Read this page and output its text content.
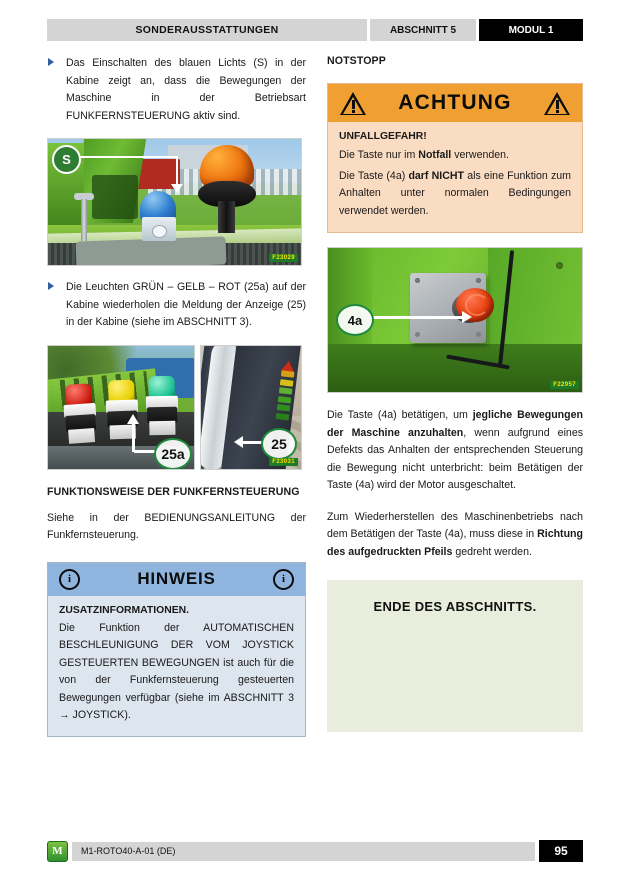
SONDERAUSSTATTUNGEN	ABSCHNITT 5	MODUL 1
Das Einschalten des blauen Lichts (S) in der Kabine zeigt an, dass die Bewegungen der Maschine in der Betriebsart FUNKFERNSTEUERUNG aktiv sind.
S
F23029
Die Leuchten GRÜN – GELB – ROT (25a) auf der Kabine wiederholen die Meldung der Anzeige (25) in der Kabine (siehe im ABSCHNITT 3).
25a
25
F23031
FUNKTIONSWEISE DER FUNKFERNSTEUERUNG
Siehe in der BEDIENUNGSANLEITUNG der Funkfernsteuerung.
i	HINWEIS	i
ZUSATZINFORMATIONEN.
Die Funktion der AUTOMATISCHEN BESCHLEUNIGUNG DER VOM JOYSTICK GESTEUERTEN BEWEGUNGEN ist auch für die von der Funkfernsteuerung gesteuerten Bewegungen verfügbar (siehe im ABSCHNITT 3 → JOYSTICK).
NOTSTOPP
ACHTUNG
UNFALLGEFAHR!
Die Taste nur im Notfall verwenden.
Die Taste (4a) darf NICHT als eine Funktion zum Anhalten unter normalen Bedingungen verwendet werden.
4a
F22957
Die Taste (4a) betätigen, um jegliche Bewegungen der Maschine anzuhalten, wenn aufgrund eines Defekts das Anhalten der entsprechenden Steuerung die Bewegung nicht unterbricht: beim Betätigen der Taste (4a) wird der Motor ausgeschaltet.
Zum Wiederherstellen des Maschinenbetriebs nach dem Betätigen der Taste (4a), muss diese in Richtung des aufgedruckten Pfeils gedreht werden.
ENDE DES ABSCHNITTS.
M	M1-ROTO40-A-01 (DE)	95
